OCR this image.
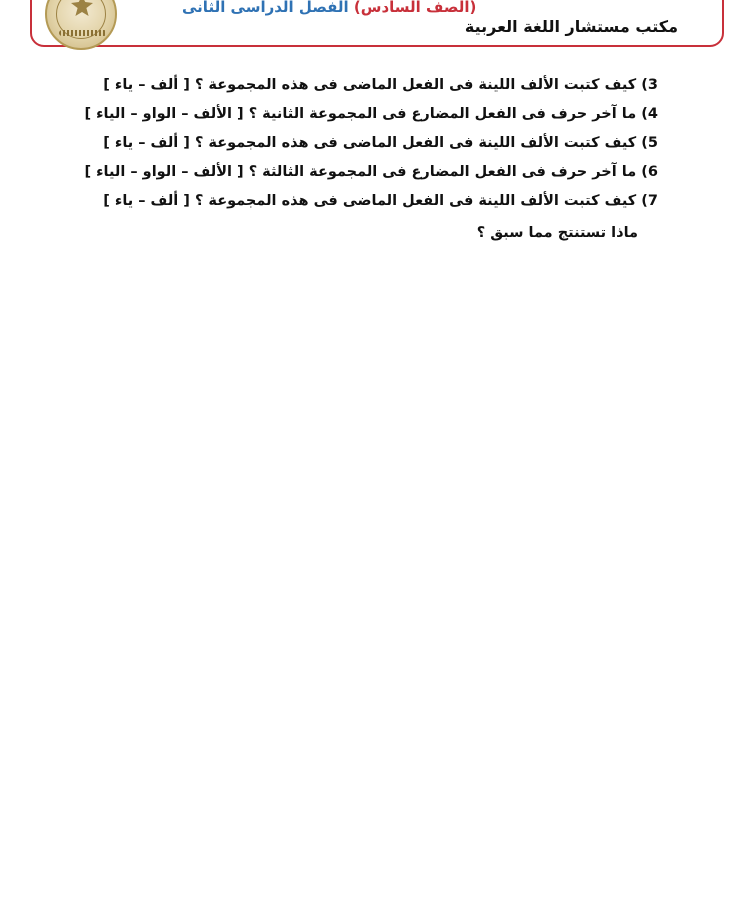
(الصف السادس) الفصل الدراسى الثانى
مكتب مستشار اللغة العربية
3) كيف كتبت الألف اللينة فى الفعل الماضى فى هذه المجموعة ؟ [ ألف – ياء ]
4) ما آخر حرف فى الفعل المضارع فى المجموعة الثانية ؟ [ الألف – الواو – الياء ]
5) كيف كتبت الألف اللينة فى الفعل الماضى فى هذه المجموعة ؟ [ ألف – ياء ]
6) ما آخر حرف فى الفعل المضارع فى المجموعة الثالثة ؟ [ الألف – الواو – الياء ]
7) كيف كتبت الألف اللينة فى الفعل الماضى فى هذه المجموعة ؟ [ ألف – ياء ]
ماذا تستنتج مما سبق ؟
